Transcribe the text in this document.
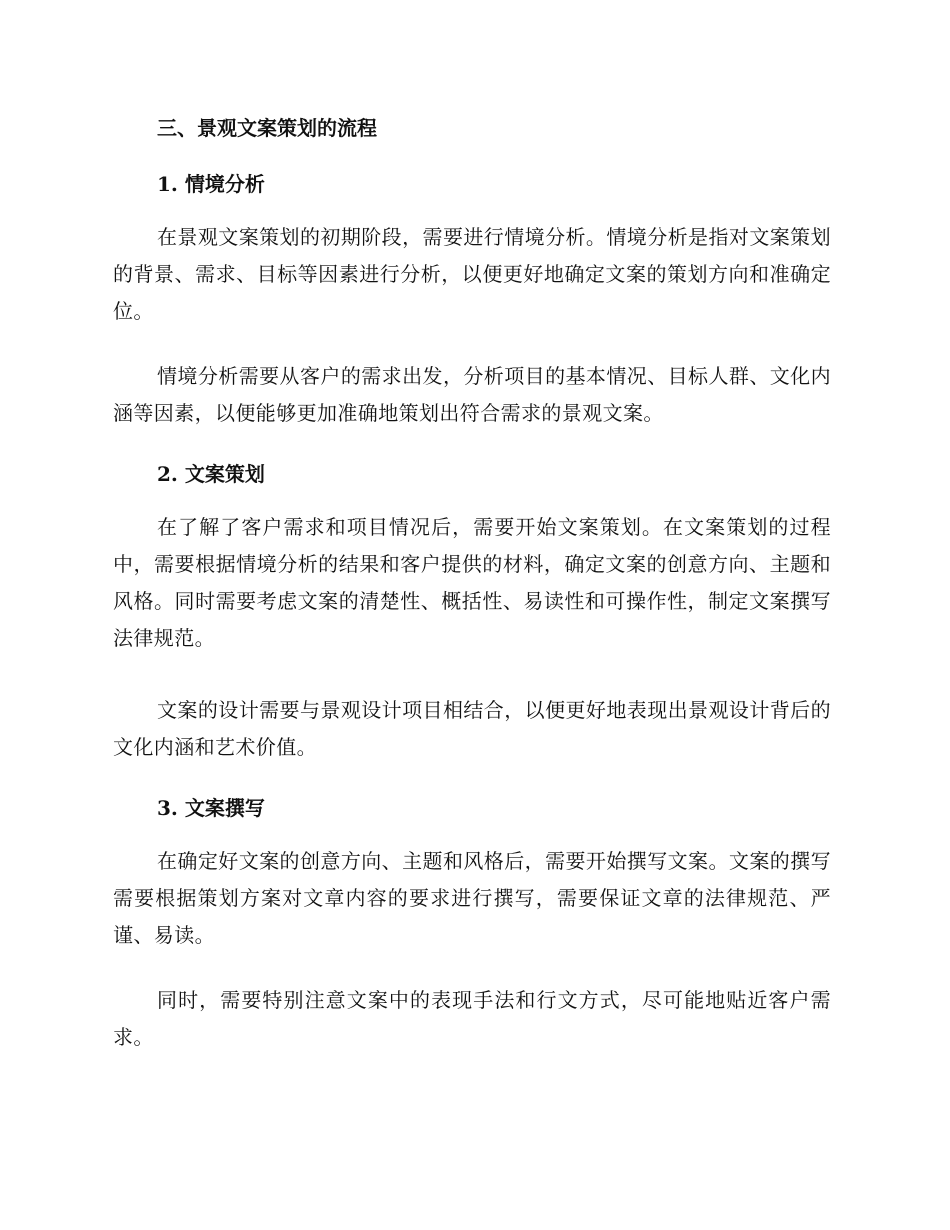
三、景观文案策划的流程
1. 情境分析

在景观文案策划的初期阶段，需要进行情境分析。情境分析是指对文案策划的背景、需求、目标等因素进行分析，以便更好地确定文案的策划方向和准确定位。

情境分析需要从客户的需求出发，分析项目的基本情况、目标人群、文化内涵等因素，以便能够更加准确地策划出符合需求的景观文案。

2. 文案策划

在了解了客户需求和项目情况后，需要开始文案策划。在文案策划的过程中，需要根据情境分析的结果和客户提供的材料，确定文案的创意方向、主题和风格。同时需要考虑文案的清楚性、概括性、易读性和可操作性，制定文案撰写法律规范。

文案的设计需要与景观设计项目相结合，以便更好地表现出景观设计背后的文化内涵和艺术价值。

3. 文案撰写

在确定好文案的创意方向、主题和风格后，需要开始撰写文案。文案的撰写需要根据策划方案对文章内容的要求进行撰写，需要保证文章的法律规范、严谨、易读。

同时，需要特别注意文案中的表现手法和行文方式，尽可能地贴近客户需求。
